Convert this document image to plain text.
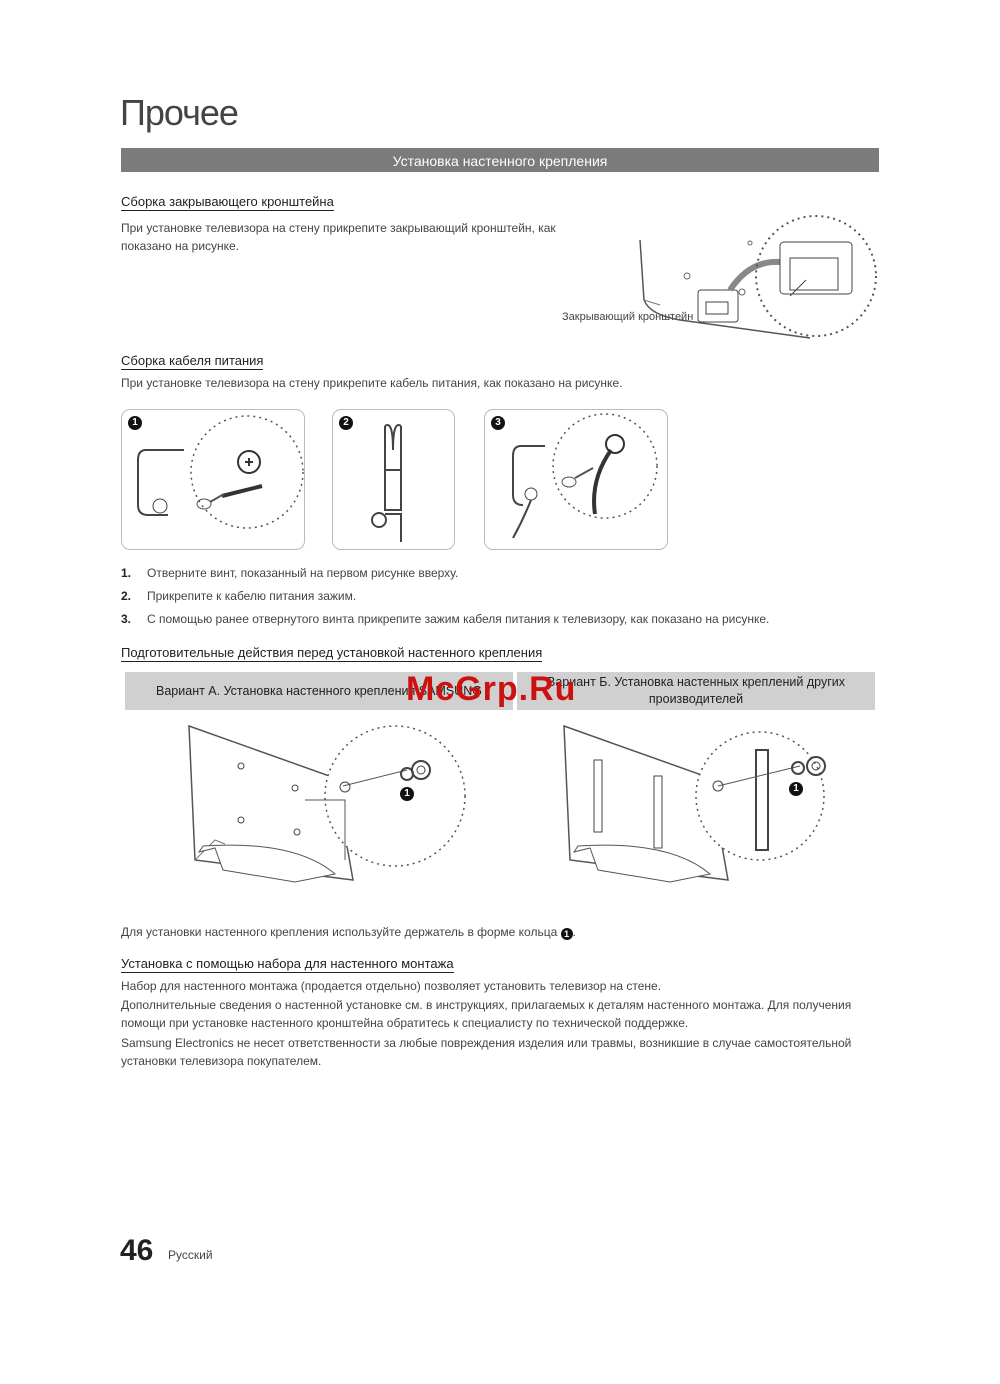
Прочее
Установка настенного крепления
Сборка закрывающего кронштейна
При установке телевизора на стену прикрепите закрывающий кронштейн, как показано на рисунке.
Закрывающий кронштейн
Сборка кабеля питания
При установке телевизора на стену прикрепите кабель питания, как показано на рисунке.
1	2	3
1. Отверните винт, показанный на первом рисунке вверху.
2. Прикрепите к кабелю питания зажим.
3. С помощью ранее отвернутого винта прикрепите зажим кабеля питания к телевизору, как показано на рисунке.
Подготовительные действия перед установкой настенного крепления
Вариант А. Установка настенного крепления SAMSUNG
Вариант Б. Установка настенных креплений других
производителей
McGrp.Ru
1	1
Для установки настенного крепления используйте держатель в форме кольца 1 .
Установка с помощью набора для настенного монтажа
Набор для настенного монтажа (продается отдельно) позволяет установить телевизор на стене.
Дополнительные сведения о настенной установке см. в инструкциях, прилагаемых к деталям настенного монтажа. Для получения помощи при установке настенного кронштейна обратитесь к специалисту по технической поддержке.
Samsung Electronics не несет ответственности за любые повреждения изделия или травмы, возникшие в случае самостоятельной установки телевизора покупателем.
46 Русский
